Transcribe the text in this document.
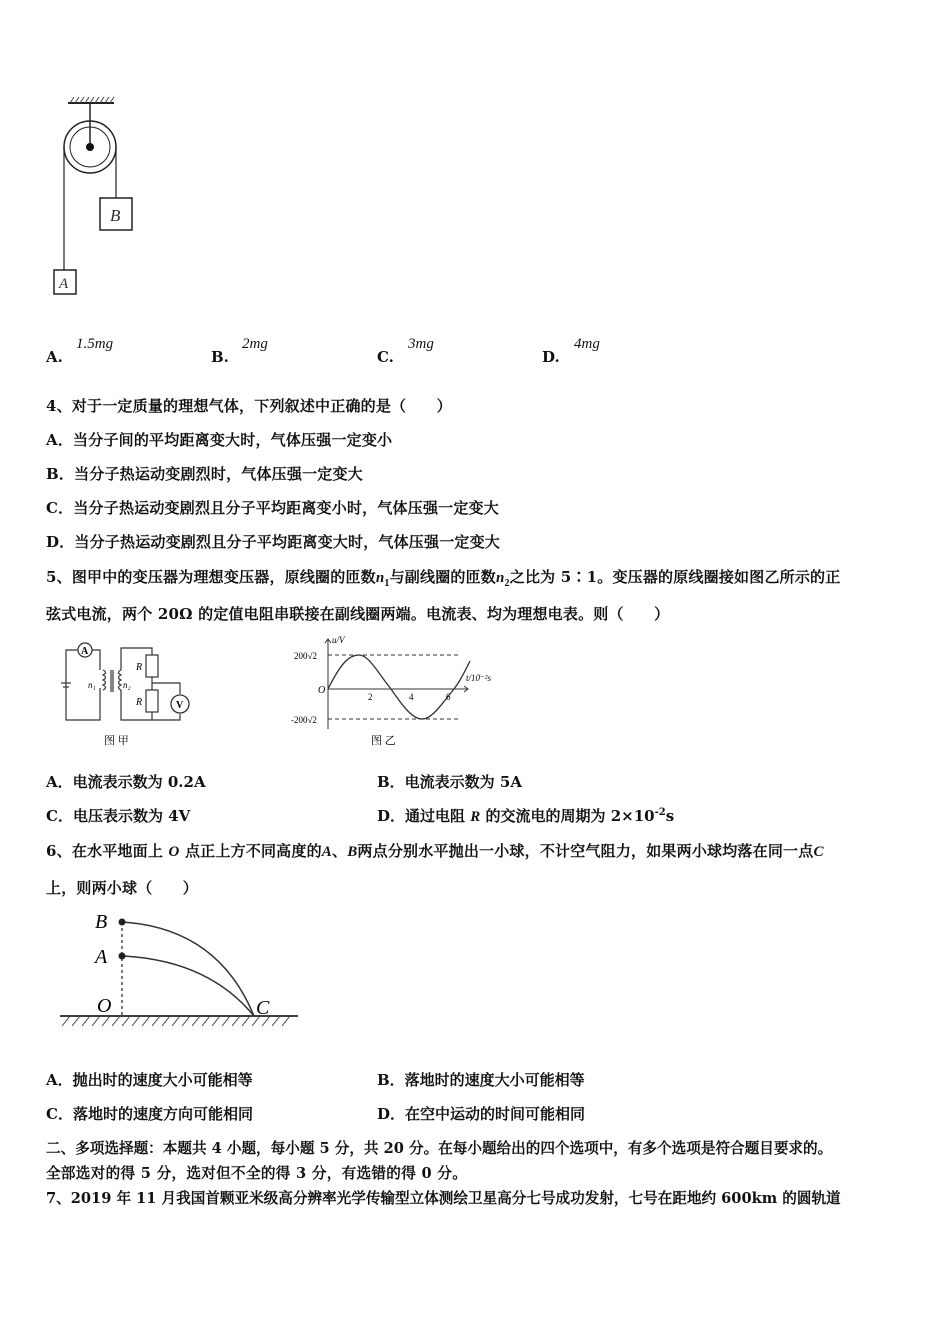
B
A
A.
1.5mg
B.
2mg
C.
3mg
D.
4mg
4、对于一定质量的理想气体，下列叙述中正确的是（　　）
A．当分子间的平均距离变大时，气体压强一定变小
B．当分子热运动变剧烈时，气体压强一定变大
C．当分子热运动变剧烈且分子平均距离变小时，气体压强一定变大
D．当分子热运动变剧烈且分子平均距离变大时，气体压强一定变大
5、图甲中的变压器为理想变压器，原线圈的匝数$n_1$与副线圈的匝数$n_2$之比为 5∶1。变压器的原线圈接如图乙所示的正
弦式电流，两个 20Ω 的定值电阻串联接在副线圈两端。电流表、均为理想电表。则（　　）
A
V
n₁	n₂
R
R
图 甲
u/V
t/10⁻²s
200√2
-200√2
O
2	4	6
图 乙
A．电流表示数为 0.2A	B．电流表示数为 5A
C．电压表示数为 4V	D．通过电阻 R 的交流电的周期为 $2\times 10^{-2}s$
6、在水平地面上 O 点正上方不同高度的A、B两点分别水平抛出一小球，不计空气阻力，如果两小球均落在同一点C
上，则两小球（　　）
B
A
O	C
A．抛出时的速度大小可能相等	B．落地时的速度大小可能相等
C．落地时的速度方向可能相同	D．在空中运动的时间可能相同
二、多项选择题：本题共 4 小题，每小题 5 分，共 20 分。在每小题给出的四个选项中，有多个选项是符合题目要求的。
全部选对的得 5 分，选对但不全的得 3 分，有选错的得 0 分。
7、2019 年 11 月我国首颗亚米级高分辨率光学传输型立体测绘卫星高分七号成功发射，七号在距地约 600km 的圆轨道
